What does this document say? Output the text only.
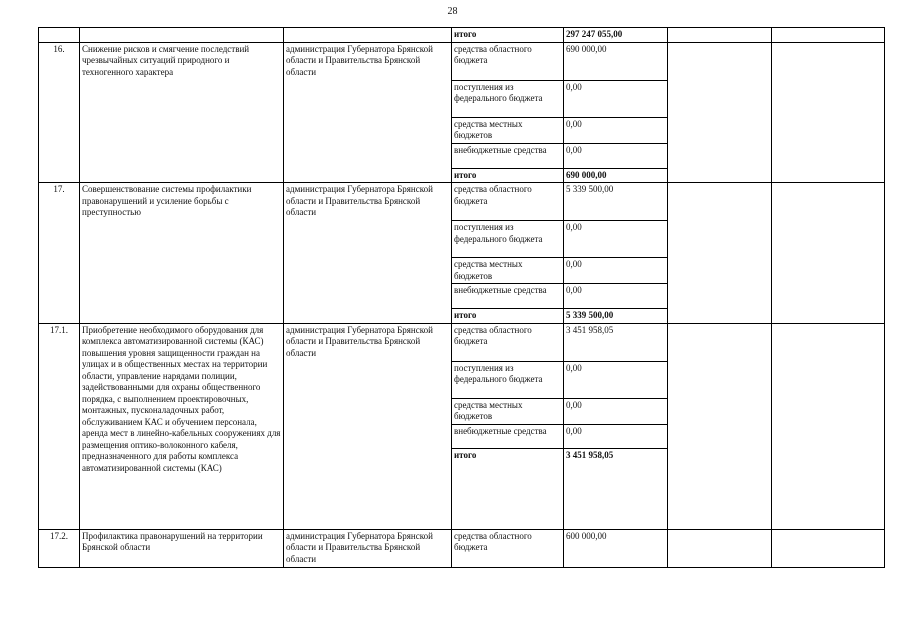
28
			итого	297 247 055,00		
16.	Снижение рисков и смягчение последствий чрезвычайных ситуаций природного и техногенного характера	администрация Губернатора Брянской области и Правительства Брянской области	средства областного бюджета	690 000,00		
			поступления из федерального бюджета	0,00		
			средства местных бюджетов	0,00		
			внебюджетные средства	0,00		
			итого	690 000,00		
17.	Совершенствование системы профилактики правонарушений и усиление борьбы с преступностью	администрация Губернатора Брянской области и Правительства Брянской области	средства областного бюджета	5 339 500,00		
			поступления из федерального бюджета	0,00		
			средства местных бюджетов	0,00		
			внебюджетные средства	0,00		
			итого	5 339 500,00		
17.1.	Приобретение необходимого оборудования для комплекса автоматизированной системы (КАС) повышения уровня защищенности граждан на улицах и в общественных местах на территории области, управление нарядами полиции, задействованными для охраны общественного порядка, с выполнением проектировочных, монтажных, пусконаладочных работ, обслуживанием КАС и обучением персонала, аренда мест в линейно-кабельных сооружениях для размещения оптико-волоконного кабеля, предназначенного для работы комплекса автоматизированной системы (КАС)	администрация Губернатора Брянской области и Правительства Брянской области	средства областного бюджета	3 451 958,05		
			поступления из федерального бюджета	0,00		
			средства местных бюджетов	0,00		
			внебюджетные средства	0,00		
			итого	3 451 958,05		
17.2.	Профилактика правонарушений на территории Брянской области	администрация Губернатора Брянской области и Правительства Брянской области	средства областного бюджета	600 000,00		
